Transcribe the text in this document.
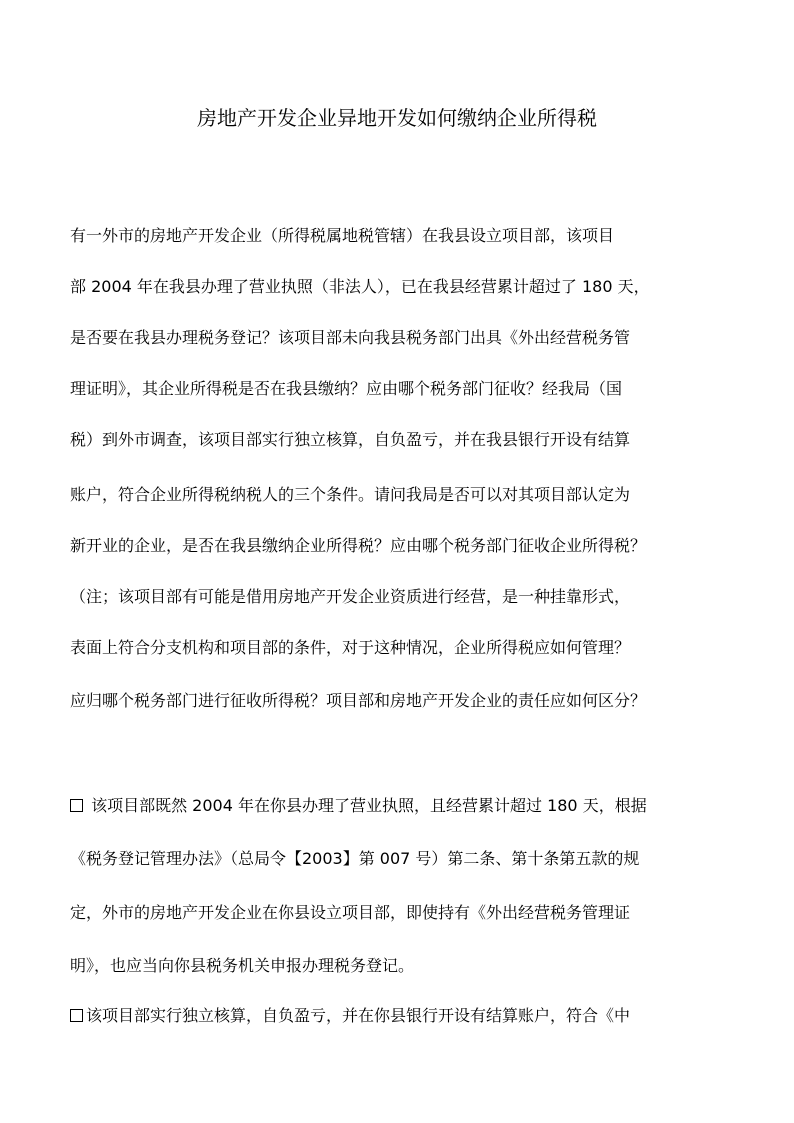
房地产开发企业异地开发如何缴纳企业所得税
有一外市的房地产开发企业（所得税属地税管辖）在我县设立项目部，该项目
部 2004 年在我县办理了营业执照（非法人），已在我县经营累计超过了 180 天，
是否要在我县办理税务登记？该项目部未向我县税务部门出具《外出经营税务管
理证明》，其企业所得税是否在我县缴纳？应由哪个税务部门征收？经我局（国
税）到外市调查，该项目部实行独立核算，自负盈亏，并在我县银行开设有结算
账户，符合企业所得税纳税人的三个条件。请问我局是否可以对其项目部认定为
新开业的企业，是否在我县缴纳企业所得税？应由哪个税务部门征收企业所得税？
（注；该项目部有可能是借用房地产开发企业资质进行经营，是一种挂靠形式，
表面上符合分支机构和项目部的条件，对于这种情况，企业所得税应如何管理？
应归哪个税务部门进行征收所得税？项目部和房地产开发企业的责任应如何区分？
该项目部既然 2004 年在你县办理了营业执照，且经营累计超过 180 天，根据
《税务登记管理办法》（总局令【2003】第 007 号）第二条、第十条第五款的规
定，外市的房地产开发企业在你县设立项目部，即使持有《外出经营税务管理证
明》，也应当向你县税务机关申报办理税务登记。
该项目部实行独立核算，自负盈亏，并在你县银行开设有结算账户，符合《中
